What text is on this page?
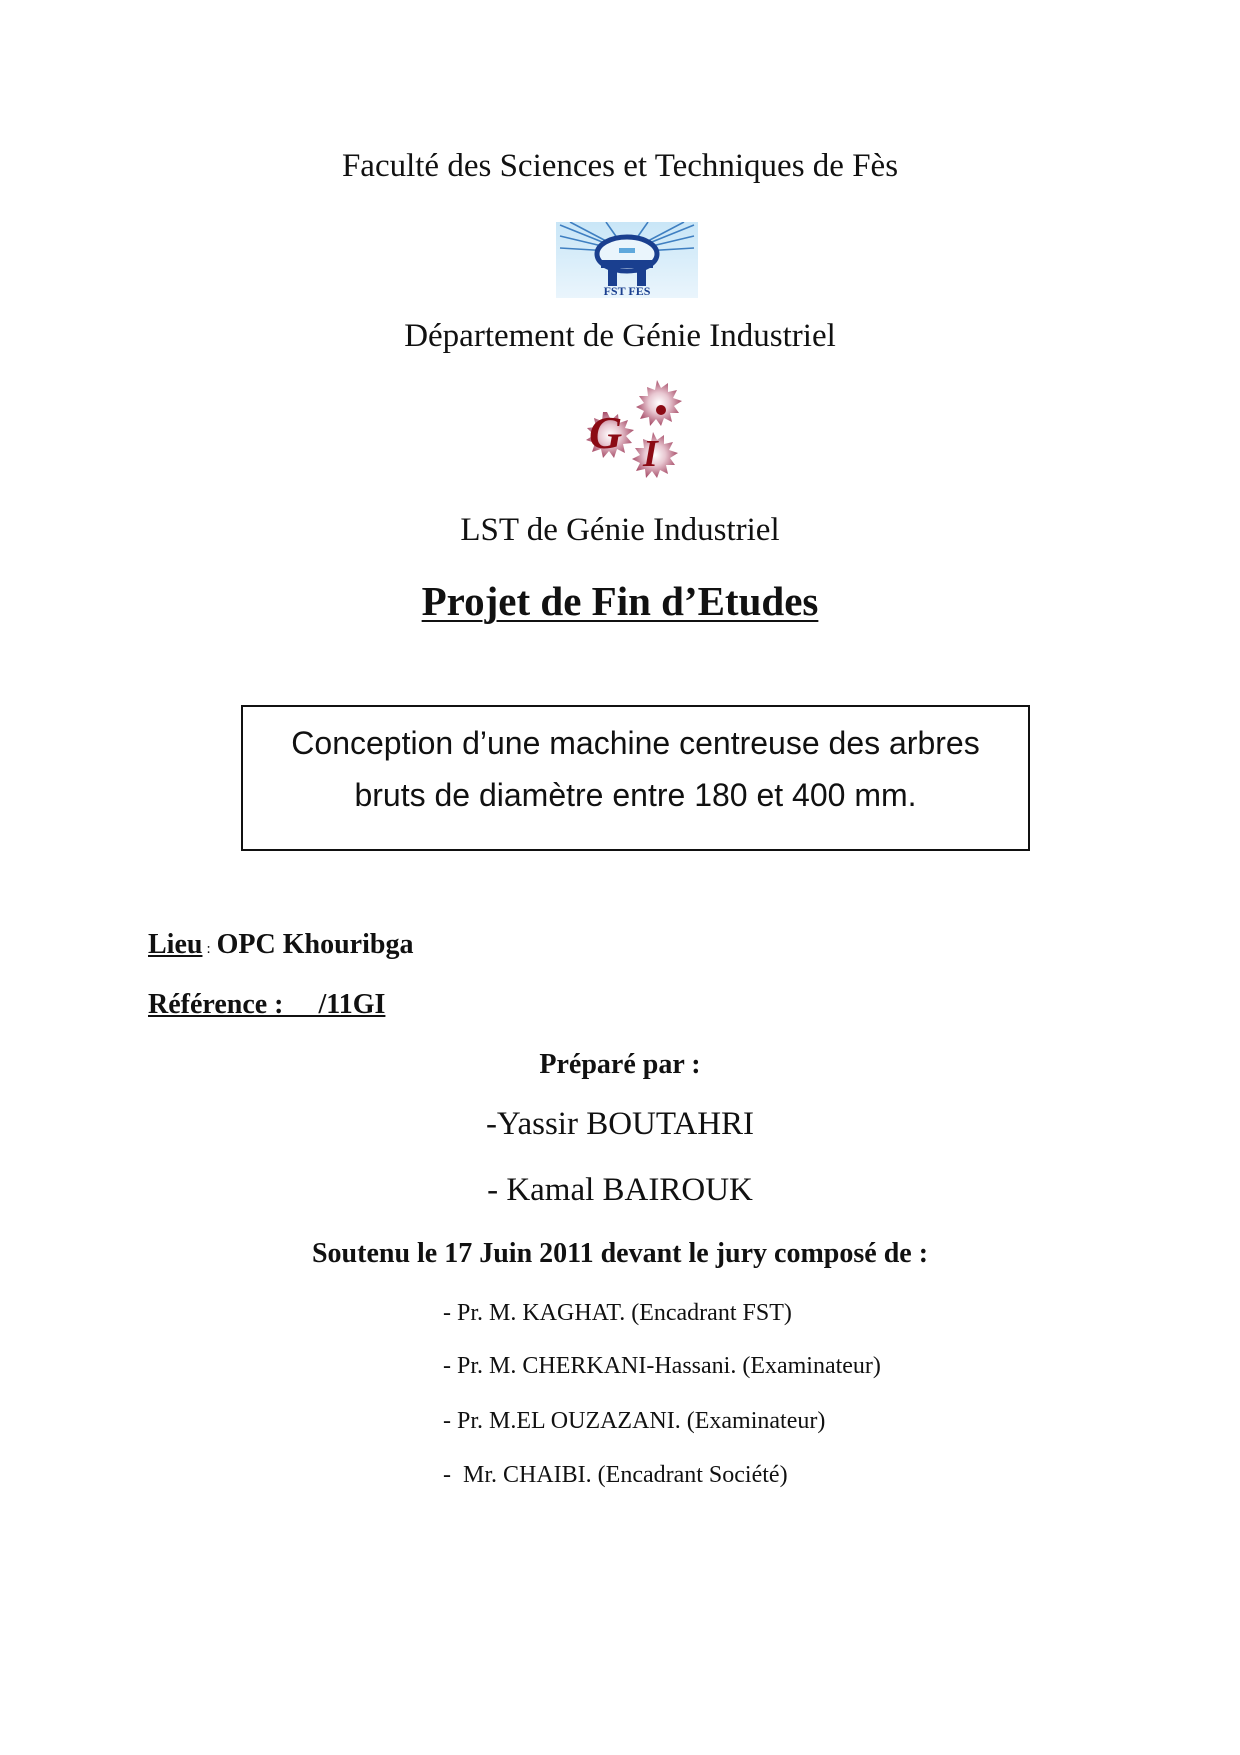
Faculté des Sciences et Techniques de Fès
FST FES
Département de Génie Industriel
G I
LST de Génie Industriel
Projet de Fin d’Etudes
Conception d’une machine centreuse des arbres
bruts de diamètre entre 180 et 400 mm.
Lieu : OPC Khouribga
Référence :     /11GI
Préparé par :
-Yassir BOUTAHRI
- Kamal BAIROUK
Soutenu le 17 Juin 2011 devant le jury composé de :
- Pr. M. KAGHAT. (Encadrant FST)
- Pr. M. CHERKANI-Hassani. (Examinateur)
- Pr. M.EL OUZAZANI. (Examinateur)
-  Mr. CHAIBI. (Encadrant Société)
